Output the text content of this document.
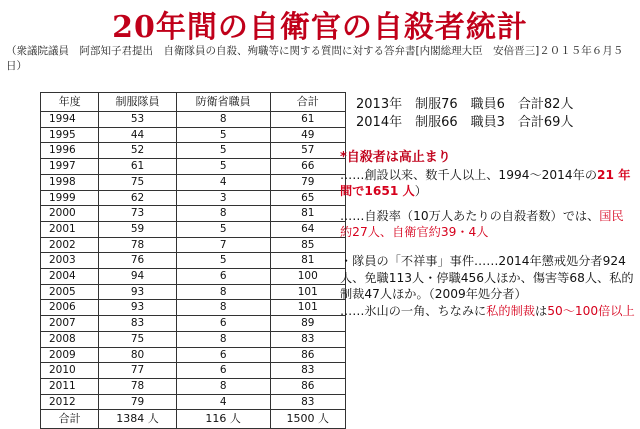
20年間の自衛官の自殺者統計
（衆議院議員　阿部知子君提出　自衛隊員の自殺、殉職等に関する質問に対する答弁書[内閣総理大臣　安倍晋三]２０１５年６月５日）
年度	制服隊員	防衛省職員	合計
1994	53	8	61
1995	44	5	49
1996	52	5	57
1997	61	5	66
1998	75	4	79
1999	62	3	65
2000	73	8	81
2001	59	5	64
2002	78	7	85
2003	76	5	81
2004	94	6	100
2005	93	8	101
2006	93	8	101
2007	83	6	89
2008	75	8	83
2009	80	6	86
2010	77	6	83
2011	78	8	86
2012	79	4	83
合計	1384 人	116 人	1500 人
2013年　制服76　職員6　合計82人
2014年　制服66　職員3　合計69人
*自殺者は高止まり
……創設以来、数千人以上、1994～2014年の21 年間で1651 人）
……自殺率（10万人あたりの自殺者数）では、国民約27人、自衛官約39・4人
・隊員の「不祥事」事件……2014年懲戒処分者924人、免職113人・停職456人ほか、傷害等68人、私的制裁47人ほか。（2009年処分者）
……氷山の一角、ちなみに私的制裁は50～100倍以上
